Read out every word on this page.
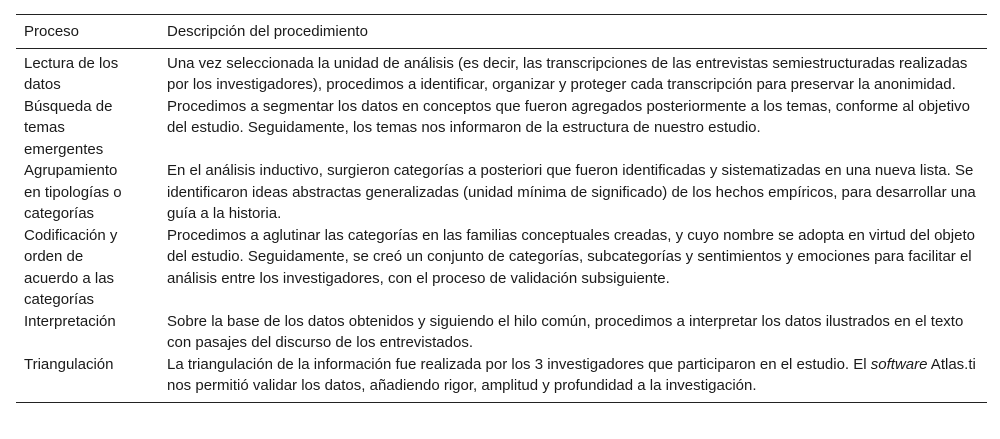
Proceso	Descripción del procedimiento
Lectura de los datos	Una vez seleccionada la unidad de análisis (es decir, las transcripciones de las entrevistas semiestructuradas realizadas por los investigadores), procedimos a identificar, organizar y proteger cada transcripción para preservar la anonimidad.
Búsqueda de temas emergentes	Procedimos a segmentar los datos en conceptos que fueron agregados posteriormente a los temas, conforme al objetivo del estudio. Seguidamente, los temas nos informaron de la estructura de nuestro estudio.
Agrupamiento en tipologías o categorías	En el análisis inductivo, surgieron categorías a posteriori que fueron identificadas y sistematizadas en una nueva lista. Se identificaron ideas abstractas generalizadas (unidad mínima de significado) de los hechos empíricos, para desarrollar una guía a la historia.
Codificación y orden de acuerdo a las categorías	Procedimos a aglutinar las categorías en las familias conceptuales creadas, y cuyo nombre se adopta en virtud del objeto del estudio. Seguidamente, se creó un conjunto de categorías, subcategorías y sentimientos y emociones para facilitar el análisis entre los investigadores, con el proceso de validación subsiguiente.
Interpretación	Sobre la base de los datos obtenidos y siguiendo el hilo común, procedimos a interpretar los datos ilustrados en el texto con pasajes del discurso de los entrevistados.
Triangulación	La triangulación de la información fue realizada por los 3 investigadores que participaron en el estudio. El software Atlas.ti nos permitió validar los datos, añadiendo rigor, amplitud y profundidad a la investigación.
